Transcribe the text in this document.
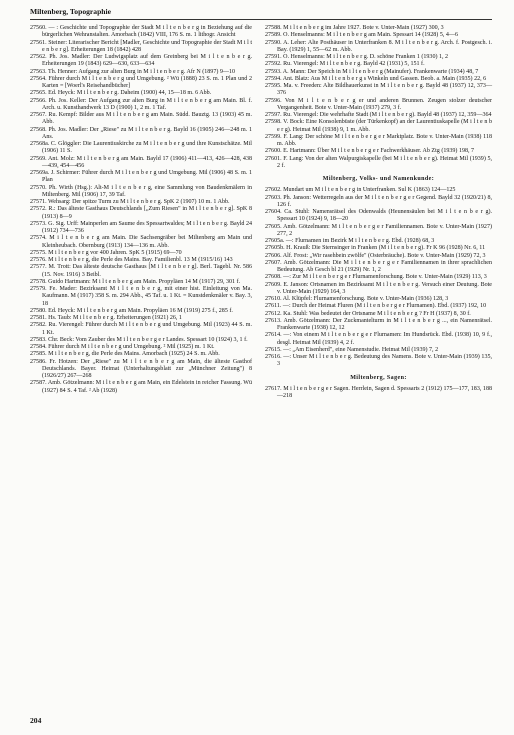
Miltenberg, Topographie

27560. — : Geschichte und Topographie der Stadt M i l t e n b e r g in Beziehung auf die bürgerlichen Wehranstalten. Amorbach (1842) VIII, 176 S. m. 1 lithogr. Ansicht

27561. Steiner: Literarischer Bericht [Madler, Geschichte und Topographie der Stadt M i l t e n b e r g]. Erheiterungen 18 (1842) 428

27562. Ph. Jos. Madler: Der Ludwigsplatz auf dem Greinberg bei M i l t e n b e r g. Erheiterungen 19 (1843) 629—630, 633—634

27563. Th. Henner: Aufgang zur alten Burg in M i l t e n b e r g. Afr N (1897) 9—10

27564. Führer durch M i l t e n b e r g und Umgebung. ² Wü (1888) 23 S. m. 1 Plan und 2 Karten = [Woerl's Reisehandbücher]

27565. Ed. Heyck: M i l t e n b e r g. Daheim (1900) 44, 15—18 m. 6 Abb.

27566. Ph. Jos. Keller: Der Aufgang zur alten Burg in M i l t e n b e r g am Main. Bl. f. Arch. u. Kunsthandwerk 13 D (1900) 1, 2 m. 1 Taf.

27567. Ru. Kempf: Bilder aus M i l t e n b e r g am Main. Südd. Bauztg. 13 (1903) 45 m. Abb.

27568. Ph. Jos. Madler: Der „Riese" zu M i l t e n b e r g. Bayld 16 (1905) 246—248 m. 1 Ans.

27568a. C. Glöggler: Die Laurentiuskirche zu M i l t e n b e r g und ihre Kunstschätze. Mil (1906) 11 S.

27569. Ant. Molz: M i l t e n b e r g am Main. Bayld 17 (1906) 411—413, 426—428, 438—439, 454—456

27569a. J. Schirmer: Führer durch M i l t e n b e r g und Umgebung. Mil (1906) 48 S. m. 1 Plan

27570. Ph. Wirth (Hsg.): Alt-M i l t e n b e r g, eine Sammlung von Baudenkmälern in Miltenberg. Mil (1906) 17, 39 Taf.

27571. Wehsarg: Der spitze Turm zu M i l t e n b e r g. SpK 2 (1907) 10 m. 1 Abb.

27572. R.: Das älteste Gasthaus Deutschlands [„Zum Riesen" in M i l t e n b e r g]. SpK 8 (1913) 8—9

27573. G. Sig. Urff: Mainperlen am Saume des Spessartwaldes; M i l t e n b e r g. Bayld 24 (1912) 734—736

27574. M i l t e n b e r g am Main. Die Sachsengräber bei Miltenberg am Main und Kleinheubach. Obernburg (1913) 134—136 m. Abb.

27575. M i l t e n b e r g vor 400 Jahren. SpK 5 (1915) 69—70

27576. M i l t e n b e r g, die Perle des Mains. Bay. Familienbl. 13 M (1915/16) 143

27577. M. Trott: Das älteste deutsche Gasthaus [M i l t e n b e r g]. Berl. Tagebl. Nr. 586 (15. Nov. 1916) 3 Beibl.

27578. Guido Hartmann: M i l t e n b e r g am Main. Propyläen 14 M (1917) 29, 301 f.

27579. Fe. Mader: Bezirksamt M i l t e n b e r g, mit einer hist. Einleitung von Ma. Kaufmann. M (1917) 358 S. m. 294 Abb., 45 Taf. u. 1 Kt. = Kunstdenkmäler v. Bay. 3, 18

27580. Ed. Heyck: M i l t e n b e r g am Main. Propyläen 16 M (1919) 275 f., 285 f.

27581. Hs. Taub: M i l t e n b e r g. Erheiterungen (1921) 26, 1

27582. Ru. Vierengel: Führer durch M i l t e n b e r g und Umgebung. Mil (1923) 44 S. m. 1 Kt.

27583. Chr. Beck: Vom Zauber des M i l t e n b e r g e r Landes. Spessart 10 (1924) 3, 1 f.

27584. Führer durch M i l t e n b e r g und Umgebung. ² Mil (1925) m. 1 Kt.

27585. M i l t e n b e r g, die Perle des Mains. Amorbach (1925) 24 S. m. Abb.

27586. Fr. Hotzen: Der „Riese" zu M i l t e n b e r g am Main, die älteste Gasthof Deutschlands. Bayer. Heimat (Unterhaltungsblatt zur „Münchner Zeitung") 8 (1926/27) 267—268

27587. Amb. Götzelmann: M i l t e n b e r g am Main, ein Edelstein in reicher Fassung. Wü (1927) 84 S. 4 Taf. ² Ab (1928)

27588. M i l t e n b e r g im Jahre 1927. Bote v. Unter-Main (1927) 300, 3

27589. O. Henselmanns: M i l t e n b e r g am Main. Spessart 14 (1928) 5, 4—6

27590. A. Leher: Alte Posthäuser in Unterfranken 8. M i l t e n b e r g. Arch. f. Postgesch. i. Bay. (1929) 1, 55—62 m. Abb.

27591. O. Henselmanns: M i l t e n b e r g. D. schöne Franken 1 (1930) 1, 2

27592. Ru. Vierengel: M i l t e n b e r g. Bayld 42 (1931) 5, 151 f.

27593. A. Mann: Der Speich in M i l t e n b e r g (Mainufer). Frankenwarte (1934) 48, 7

27594. Ant. Blatz: Aus M i l t e n b e r g s Winkeln und Gassen. Beob. a. Main (1935) 22, 6

27595. Ma. v. Freeden: Alte Bildhauerkunst in M i l t e n b e r g. Bayld 48 (1937) 12, 373—376

27596. Von M i l t e n b e r g er und anderen Brunnen. Zeugen stolzer deutscher Vergangenheit. Bote v. Unter-Main (1937) 279, 3 f.

27597. Ru. Vierengel: Die wehrhafte Stadt (M i l t e n b e r g). Bayld 48 (1937) 12, 359—364

27598. V. Bock: Eine Konsolenbüste (der Türkenkopf) an der Laurentiuskapelle (M i l t e n b e r g). Heimat Mil (1938) 9, 1 m. Abb.

27599. F. Lang: Der schöne M i l t e n b e r g e r Marktplatz. Bote v. Unter-Main (1938) 118 m. Abb.

27600. E. Hartmann: Über M i l t e n b e r g e r Fachwerkhäuser. Ab Ztg (1939) 198, 7

27601. F. Lang: Von der alten Walpurgiskapelle (bei M i l t e n b e r g). Heimat Mil (1939) 5, 2 f.

Miltenberg, Volks- und Namenkunde:

27602. Mundart um M i l t e n b e r g in Unterfranken. Sul K (1863) 124—125

27603. Ph. Janson: Wetterregeln aus der M i l t e n b e r g e r Gegend. Bayld 32 (1920/21) 8, 126 f.

27604. Ca. Stuhl: Namensrätsel des Odenwalds (Heunensäulen bei M i l t e n b e r g). Spessart 10 (1924) 9, 18—20

27605. Amb. Götzelmann: M i l t e n b e r g e r Familiennamen. Bote v. Unter-Main (1927) 277, 2

27605a. —: Flurnamen im Bezirk M i l t e n b e r g. Ebd. (1928) 68, 3

27605b. H. Krauß: Die Sternsinger in Franken (M i l t e n b e r g). Fr K 96 (1928) Nr. 6, 11

27606. Alf. Frost: „Wir rasehbein zwölfe" (Osterbräuche). Bote v. Unter-Main (1929) 72, 3

27607. Amb. Götzelmann: Die M i l t e n b e r g e r Familiennamen in ihrer sprachlichen Bedeutung. Ab Gesch bl 21 (1929) Nr. 1, 2

27608. —: Zur M i l t e n b e r g e r Flurnamenforschung. Bote v. Unter-Main (1929) 113, 3

27609. E. Janson: Ortsnamen im Bezirksamt M i l t e n b e r g. Versuch einer Deutung. Bote v. Unter-Main (1929) 164, 3

27610. Al. Klüpfel: Flurnamenforschung. Bote v. Unter-Main (1936) 128, 3

27611. —: Durch der Heimat Fluren (M i l t e n b e r g e r Flurnamen). Ebd. (1937) 192, 10

27612. Ka. Stuhl: Was bedeutet der Ortsname M i l t e n b e r g ? Fr H (1937) 8, 30 f.

27613. Amb. Götzelmann: Der Zuckmantelturm in M i l t e n b e r g ..., ein Namenrätsel. Frankenwarte (1938) 12, 12

27614. —: Von einem M i l t e n b e r g e r Flurnamen: Im Hundsrück. Ebd. (1938) 10, 9 f., desgl. Heimat Mil (1939) 4, 2 f.

27615. —: „Am Eisenherd", eine Namenstudie. Heimat Mil (1939) 7, 2

27616. —: Unser M i l t e n b e r g. Bedeutung des Namens. Bote v. Unter-Main (1939) 135, 3

Miltenberg, Sagen:

27617. M i l t e n b e r g e r Sagen. Herrlein, Sagen d. Spessarts 2 (1912) 175—177, 183, 188—218

204
